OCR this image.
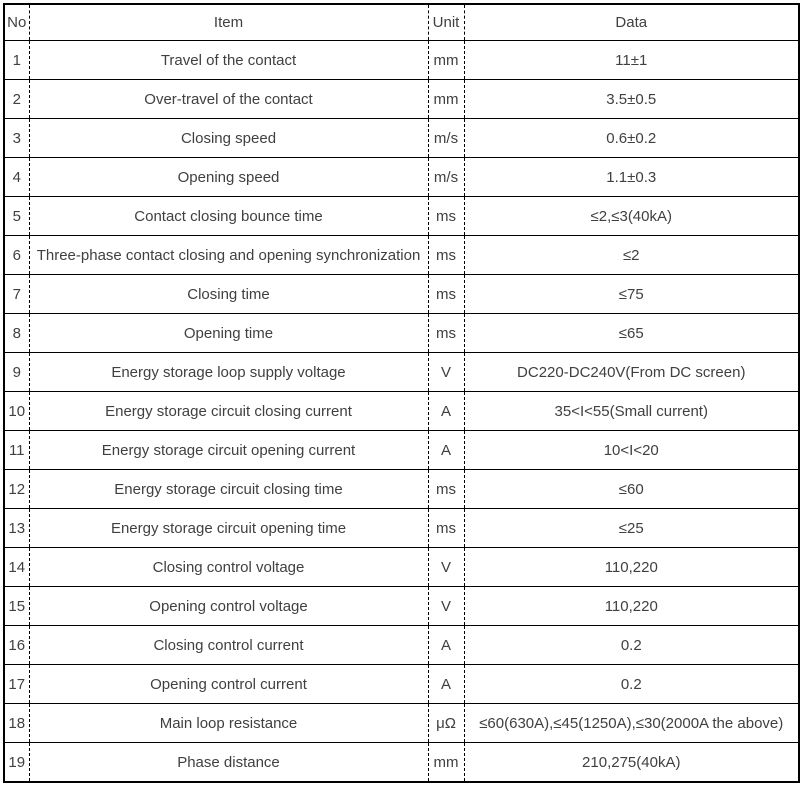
No	Item	Unit	Data
1	Travel of the contact	mm	11±1
2	Over-travel of the contact	mm	3.5±0.5
3	Closing speed	m/s	0.6±0.2
4	Opening speed	m/s	1.1±0.3
5	Contact closing bounce time	ms	≤2,≤3(40kA)
6	Three-phase contact closing and opening synchronization	ms	≤2
7	Closing time	ms	≤75
8	Opening time	ms	≤65
9	Energy storage loop supply voltage	V	DC220-DC240V(From DC screen)
10	Energy storage circuit closing current	A	35<I<55(Small current)
11	Energy storage circuit opening current	A	10<I<20
12	Energy storage circuit closing time	ms	≤60
13	Energy storage circuit opening time	ms	≤25
14	Closing control voltage	V	110,220
15	Opening control voltage	V	110,220
16	Closing control current	A	0.2
17	Opening control current	A	0.2
18	Main loop resistance	μΩ	≤60(630A),≤45(1250A),≤30(2000A the above)
19	Phase distance	mm	210,275(40kA)
